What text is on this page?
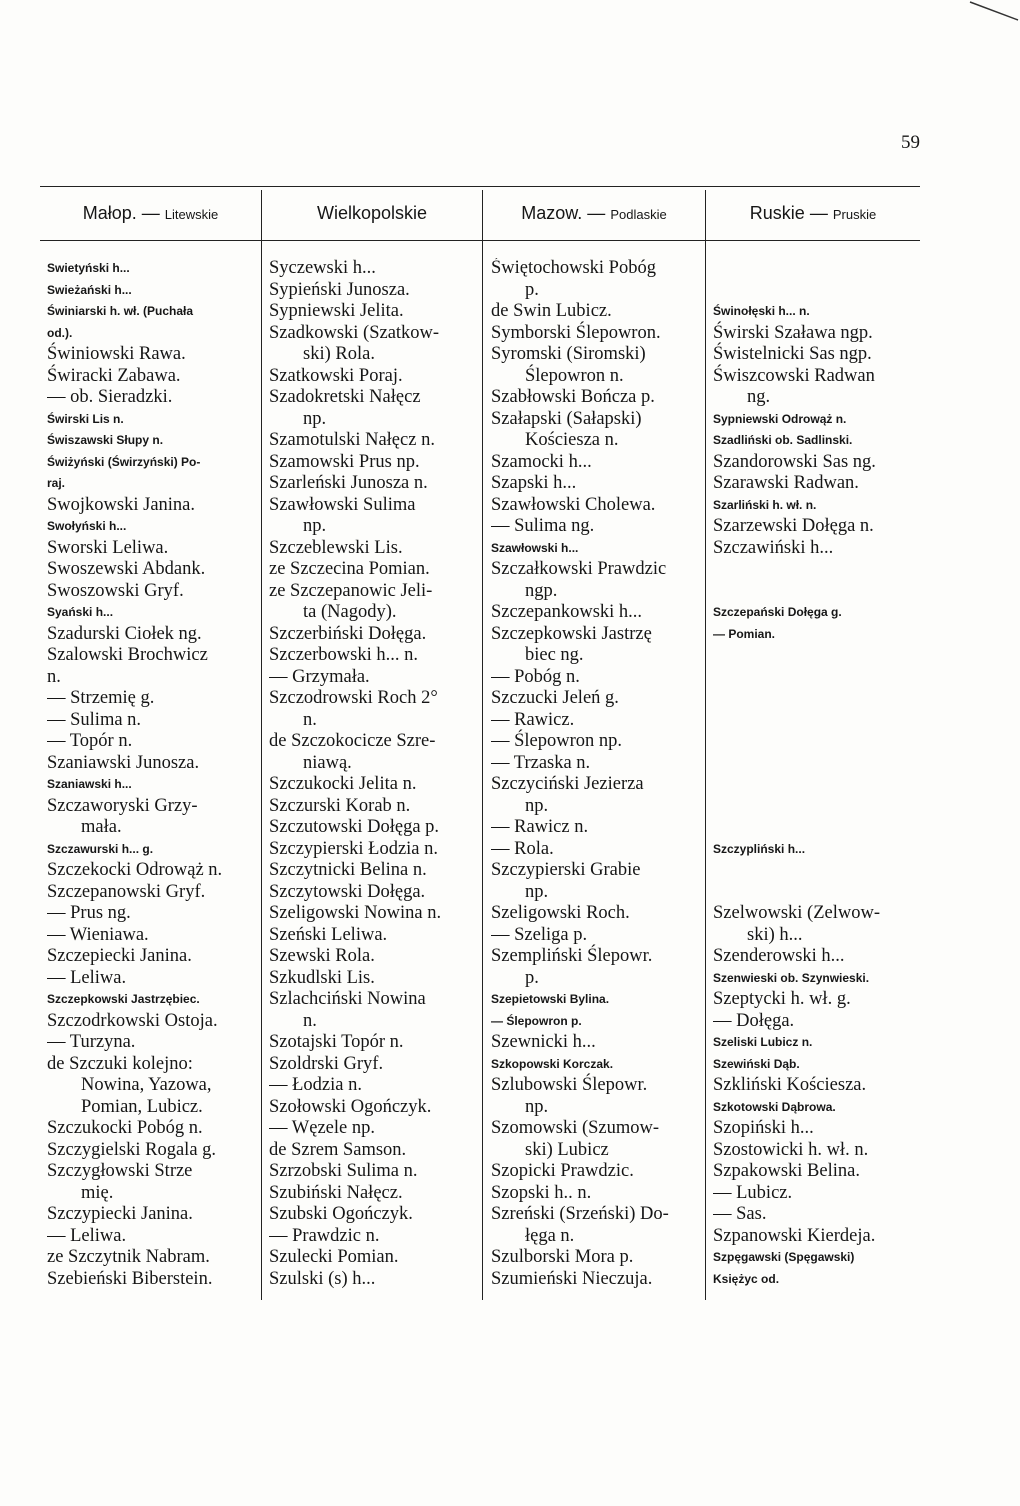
59
Małop. — Litewskie	Wielkopolskie	Mazow. — Podlaskie	Ruskie — Pruskie
Swietyński h...
Swieżański h...
Świniarski h. wł. (Puchała
od.).
Świniowski Rawa.
Świracki Zabawa.
— ob. Sieradzki.
Świrski Lis n.
Świszawski Słupy n.
Świżyński (Świrzyński) Po-
raj.
Swojkowski Janina.
Swołyński h...
Sworski Leliwa.
Swoszewski Abdank.
Swoszowski Gryf.
Syański h...
Szadurski Ciołek ng.
Szalowski Brochwicz
n.
— Strzemię g.
— Sulima n.
— Topór n.
Szaniawski Junosza.
Szaniawski h...
Szczaworyski Grzy-
mała.
Szczawurski h... g.
Szczekocki Odrowąż n.
Szczepanowski Gryf.
— Prus ng.
— Wieniawa.
Szczepiecki Janina.
— Leliwa.
Szczepkowski Jastrzębiec.
Szczodrkowski Ostoja.
— Turzyna.
de Szczuki kolejno:
Nowina, Yazowa,
Pomian, Lubicz.
Szczukocki Pobóg n.
Szczygielski Rogala g.
Szczygłowski Strze
mię.
Szczypiecki Janina.
— Leliwa.
ze Szczytnik Nabram.
Szebieński Biberstein.
Syczewski h...
Sypieński Junosza.
Sypniewski Jelita.
Szadkowski (Szatkow-
ski) Rola.
Szatkowski Poraj.
Szadokretski Nałęcz
np.
Szamotulski Nałęcz n.
Szamowski Prus np.
Szarleński Junosza n.
Szawłowski Sulima
np.
Szczeblewski Lis.
ze Szczecina Pomian.
ze Szczepanowic Jeli-
ta (Nagody).
Szczerbiński Dołęga.
Szczerbowski h... n.
— Grzymała.
Szczodrowski Roch 2°
n.
de Szczokocicze Szre-
niawą.
Szczukocki Jelita n.
Szczurski Korab n.
Szczutowski Dołęga p.
Szczypierski Łodzia n.
Szczytnicki Belina n.
Szczytowski Dołęga.
Szeligowski Nowina n.
Szeński Leliwa.
Szewski Rola.
Szkudlski Lis.
Szlachciński Nowina
n.
Szotajski Topór n.
Szoldrski Gryf.
— Łodzia n.
Szołowski Ogończyk.
— Węzele np.
de Szrem Samson.
Szrzobski Sulima n.
Szubiński Nałęcz.
Szubski Ogończyk.
— Prawdzic n.
Szulecki Pomian.
Szulski (s) h...
Świętochowski Pobóg
p.
de Swin Lubicz.
Symborski Ślepowron.
Syromski (Siromski)
Ślepowron n.
Szabłowski Bończa p.
Szałapski (Sałapski)
Kościesza n.
Szamocki h...
Szapski h...
Szawłowski Cholewa.
— Sulima ng.
Szawłowski h...
Szczałkowski Prawdzic
ngp.
Szczepankowski h...
Szczepkowski Jastrzę
biec ng.
— Pobóg n.
Szczucki Jeleń g.
— Rawicz.
— Ślepowron np.
— Trzaska n.
Szczyciński Jezierza
np.
— Rawicz n.
— Rola.
Szczypierski Grabie
np.
Szeligowski Roch.
— Szeliga p.
Szempliński Ślepowr.
p.
Szepietowski Bylina.
— Ślepowron p.
Szewnicki h...
Szkopowski Korczak.
Szlubowski Ślepowr.
np.
Szomowski (Szumow-
ski) Lubicz
Szopicki Prawdzic.
Szopski h.. n.
Szreński (Srzeński) Do-
łęga n.
Szulborski Mora p.
Szumieński Nieczuja.
Świnołęski h... n.
Świrski Szaława ngp.
Świstelnicki Sas ngp.
Świszcowski Radwan
ng.
Sypniewski Odrowąż n.
Szadliński ob. Sadlinski.
Szandorowski Sas ng.
Szarawski Radwan.
Szarliński h. wł. n.
Szarzewski Dołęga n.
Szczawiński h...
Szczepański Dołęga g.
— Pomian.
Szczypliński h...
Szelwowski (Zelwow-
ski) h...
Szenderowski h...
Szenwieski ob. Szynwieski.
Szeptycki h. wł. g.
— Dołęga.
Szeliski Lubicz n.
Szewiński Dąb.
Szkliński Kościesza.
Szkotowski Dąbrowa.
Szopiński h...
Szostowicki h. wł. n.
Szpakowski Belina.
— Lubicz.
— Sas.
Szpanowski Kierdeja.
Szpęgawski (Spęgawski)
Księżyc od.
